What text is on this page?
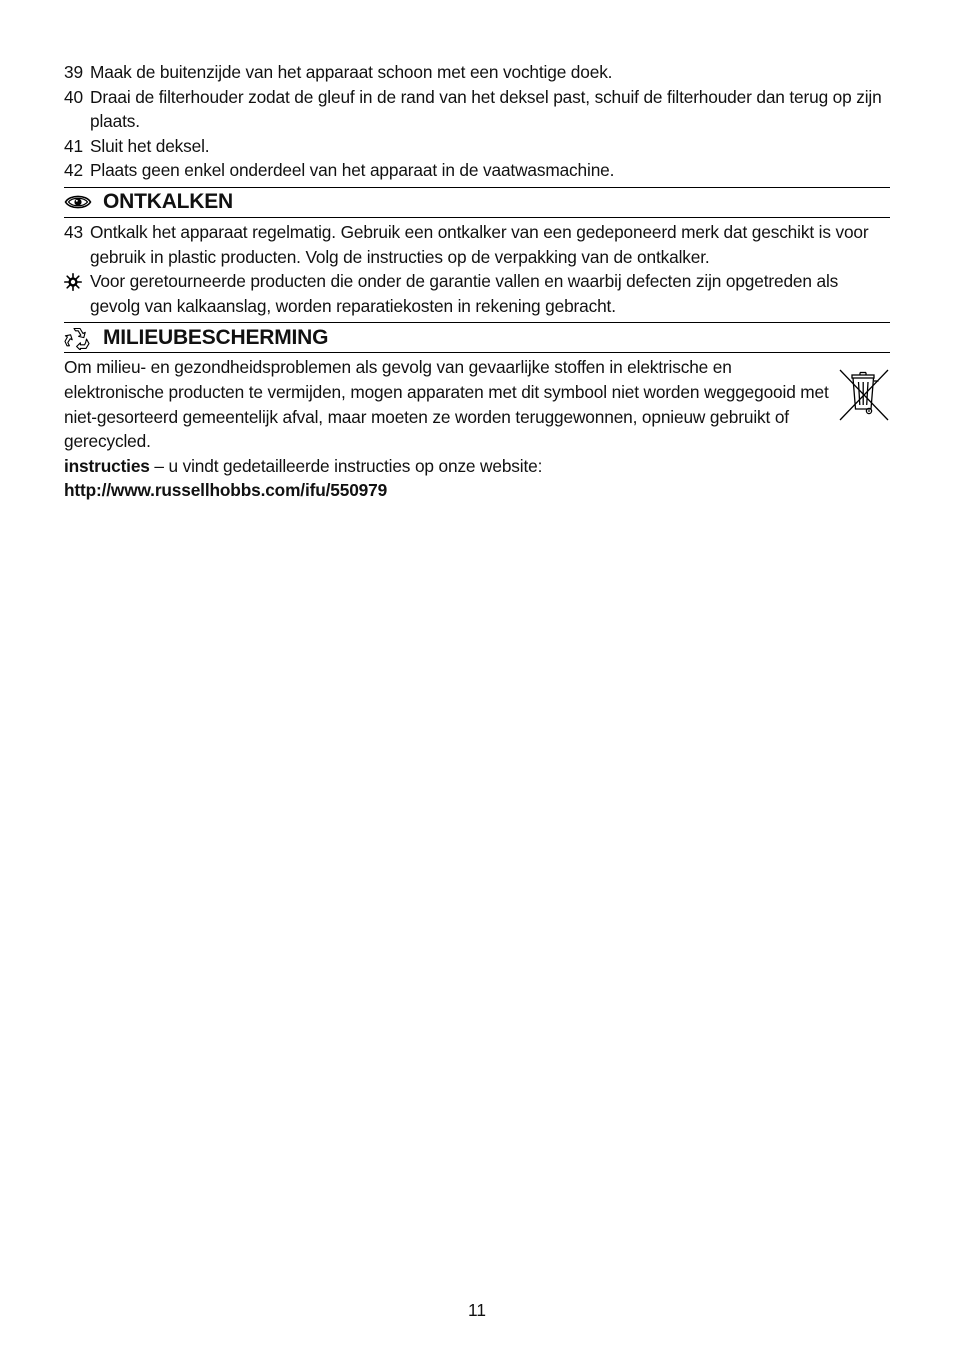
39 Maak de buitenzijde van het apparaat schoon met een vochtige doek.
40 Draai de filterhouder zodat de gleuf in de rand van het deksel past, schuif de filterhouder dan terug op zijn plaats.
41 Sluit het deksel.
42 Plaats geen enkel onderdeel van het apparaat in de vaatwasmachine.
ONTKALKEN
43 Ontkalk het apparaat regelmatig. Gebruik een ontkalker van een gedeponeerd merk dat geschikt is voor gebruik in plastic producten. Volg de instructies op de verpakking van de ontkalker.
Voor geretourneerde producten die onder de garantie vallen en waarbij defecten zijn opgetreden als gevolg van kalkaanslag, worden reparatiekosten in rekening gebracht.
MILIEUBESCHERMING
Om milieu- en gezondheidsproblemen als gevolg van gevaarlijke stoffen in elektrische en elektronische producten te vermijden, mogen apparaten met dit symbool niet worden weggegooid met niet-gesorteerd gemeentelijk afval, maar moeten ze worden teruggewonnen, opnieuw gebruikt of gerecycled.
instructies – u vindt gedetailleerde instructies op onze website:
http://www.russellhobbs.com/ifu/550979
11
